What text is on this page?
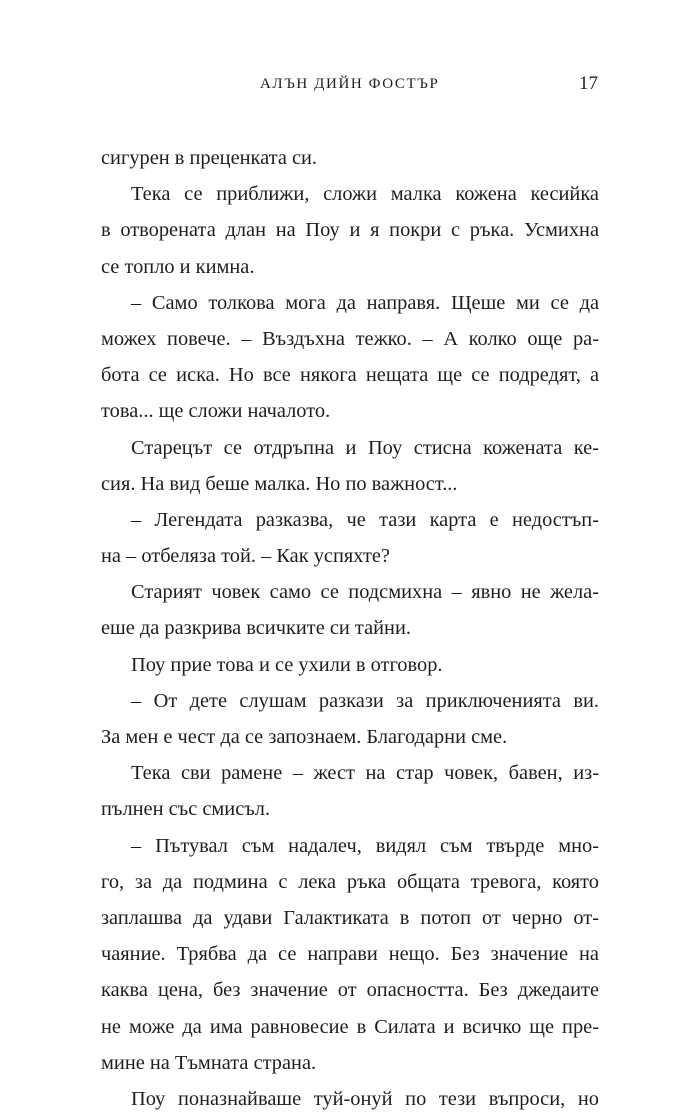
АЛЪН ДИЙН ФОСТЪР	17
сигурен в преценката си.
Тека се приближи, сложи малка кожена кесийка
в отворената длан на Поу и я покри с ръка. Усмихна
се топло и кимна.
– Само толкова мога да направя. Щеше ми се да
можех повече. – Въздъхна тежко. – А колко още ра-
бота се иска. Но все някога нещата ще се подредят, а
това... ще сложи началото.
Старецът се отдръпна и Поу стисна кожената ке-
сия. На вид беше малка. Но по важност...
– Легендата разказва, че тази карта е недостъп-
на – отбеляза той. – Как успяхте?
Старият човек само се подсмихна – явно не жела-
еше да разкрива всичките си тайни.
Поу прие това и се ухили в отговор.
– От дете слушам разкази за приключенията ви.
За мен е чест да се запознаем. Благодарни сме.
Тека сви рамене – жест на стар човек, бавен, из-
пълнен със смисъл.
– Пътувал съм надалеч, видял съм твърде мно-
го, за да подмина с лека ръка общата тревога, която
заплашва да удави Галактиката в потоп от черно от-
чаяние. Трябва да се направи нещо. Без значение на
каква цена, без значение от опасността. Без джедаите
не може да има равновесие в Силата и всичко ще пре-
мине на Тъмната страна.
Поу поназнайваше туй-онуй по тези въпроси, но
